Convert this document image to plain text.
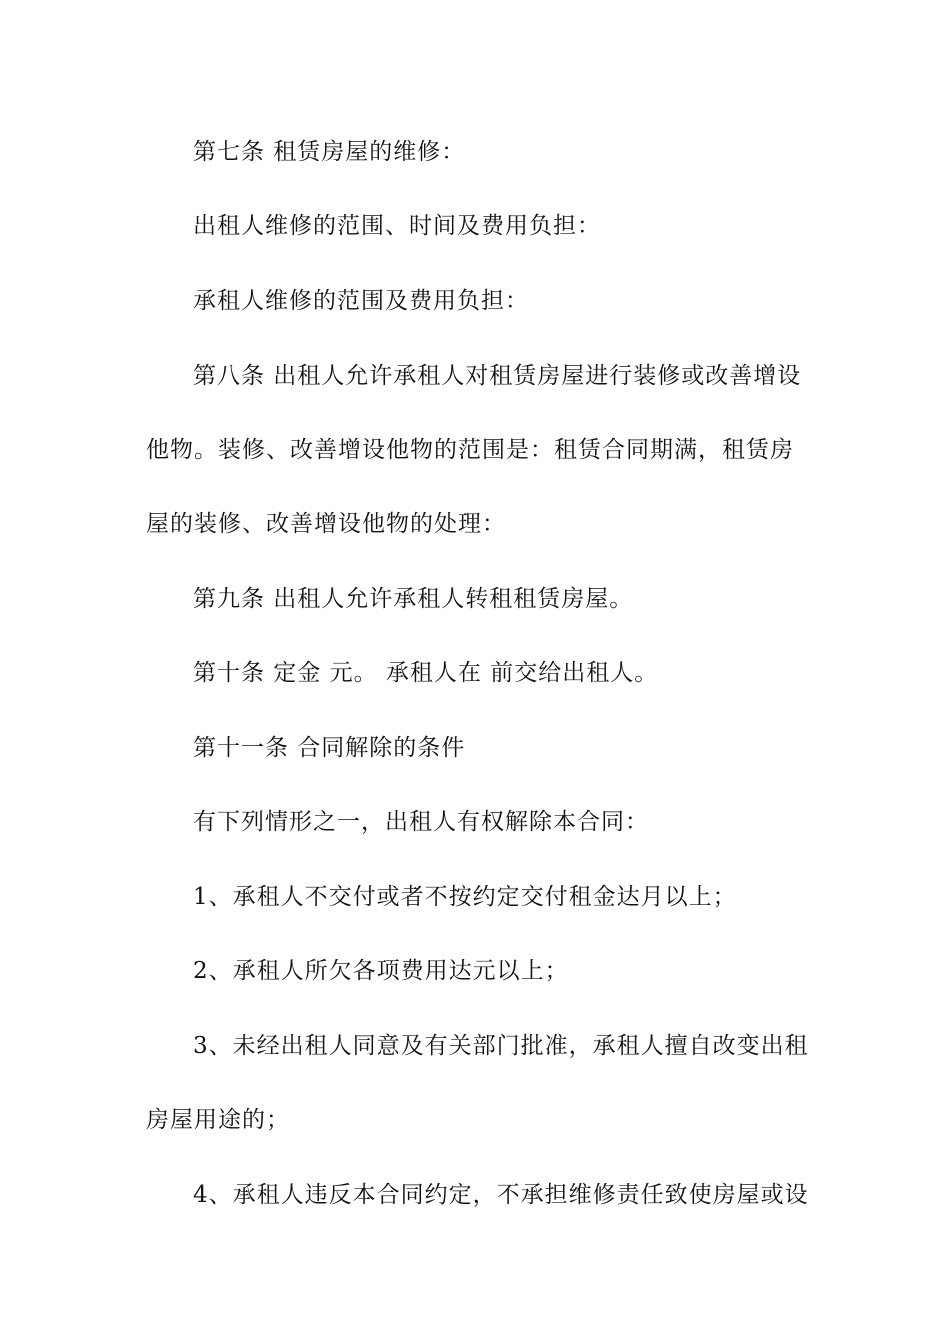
第七条 租赁房屋的维修：
出租人维修的范围、时间及费用负担：
承租人维修的范围及费用负担：
第八条 出租人允许承租人对租赁房屋进行装修或改善增设
他物。装修、改善增设他物的范围是：租赁合同期满，租赁房
屋的装修、改善增设他物的处理：
第九条 出租人允许承租人转租租赁房屋。
第十条 定金 元。 承租人在 前交给出租人。
第十一条 合同解除的条件
有下列情形之一，出租人有权解除本合同：
1、承租人不交付或者不按约定交付租金达月以上；
2、承租人所欠各项费用达元以上；
3、未经出租人同意及有关部门批准，承租人擅自改变出租
房屋用途的；
4、承租人违反本合同约定，不承担维修责任致使房屋或设
